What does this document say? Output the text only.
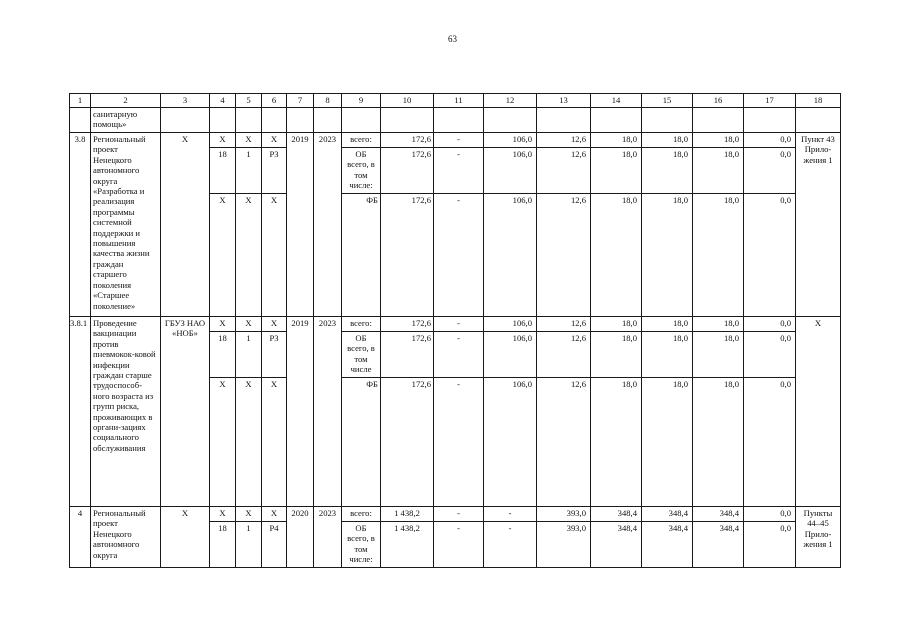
63
1	2	3	4	5	6	7	8	9	10	11	12	13	14	15	16	17	18
	санитарную помощь»																
3.8	Региональный проект Ненецкого автономного округа «Разработка и реализация программы системной поддержки и повышения качества жизни граждан старшего поколения «Старшее поколение»	Х	Х	Х	Х	2019	2023	всего:	172,6	-	106,0	12,6	18,0	18,0	18,0	0,0	Пункт 43 Прило-жения 1
			18	1	Р3			ОБ всего, в том числе:	172,6	-	106,0	12,6	18,0	18,0	18,0	0,0	
			Х	Х	Х			ФБ	172,6	-	106,0	12,6	18,0	18,0	18,0	0,0	
3.8.1	Проведение вакцинации против пневмокок-ковой инфекции граждан старше трудоспособ-ного возраста из групп риска, проживающих в органи-зациях социального обслуживания	ГБУЗ НАО «НОБ»	Х	Х	Х	2019	2023	всего:	172,6	-	106,0	12,6	18,0	18,0	18,0	0,0	Х
			18	1	Р3			ОБ всего, в том числе	172,6	-	106,0	12,6	18,0	18,0	18,0	0,0	
			Х	Х	Х			ФБ	172,6	-	106,0	12,6	18,0	18,0	18,0	0,0	
4	Региональный проект Ненецкого автономного округа	Х	Х	Х	Х	2020	2023	всего:	1 438,2	-	-	393,0	348,4	348,4	348,4	0,0	Пункты 44–45 Прило-жения 1
			18	1	Р4			ОБ всего, в том числе:	1 438,2	-	-	393,0	348,4	348,4	348,4	0,0	
